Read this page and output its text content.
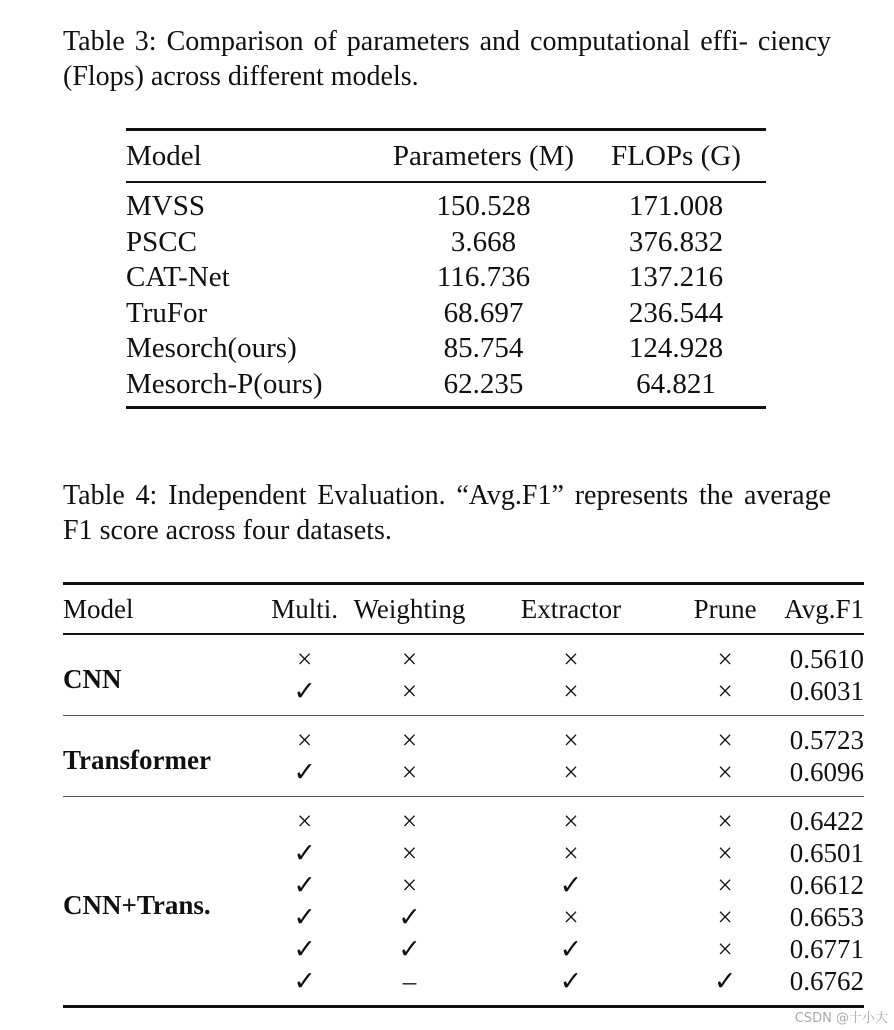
Table 3: Comparison of parameters and computational effi- ciency (Flops) across different models.
Model	Parameters (M)	FLOPs (G)
MVSS	150.528	171.008
PSCC	3.668	376.832
CAT-Net	116.736	137.216
TruFor	68.697	236.544
Mesorch(ours)	85.754	124.928
Mesorch-P(ours)	62.235	64.821
Table 4: Independent Evaluation. “Avg.F1” represents the average F1 score across four datasets.
Model	Multi.	Weighting	Extractor	Prune	Avg.F1
CNN	×	×	×	×	0.5610
	✓	×	×	×	0.6031
Transformer	×	×	×	×	0.5723
	✓	×	×	×	0.6096
CNN+Trans.	×	×	×	×	0.6422
	✓	×	×	×	0.6501
	✓	×	✓	×	0.6612
	✓	✓	×	×	0.6653
	✓	✓	✓	×	0.6771
	✓	–	✓	✓	0.6762
CSDN @十小大
